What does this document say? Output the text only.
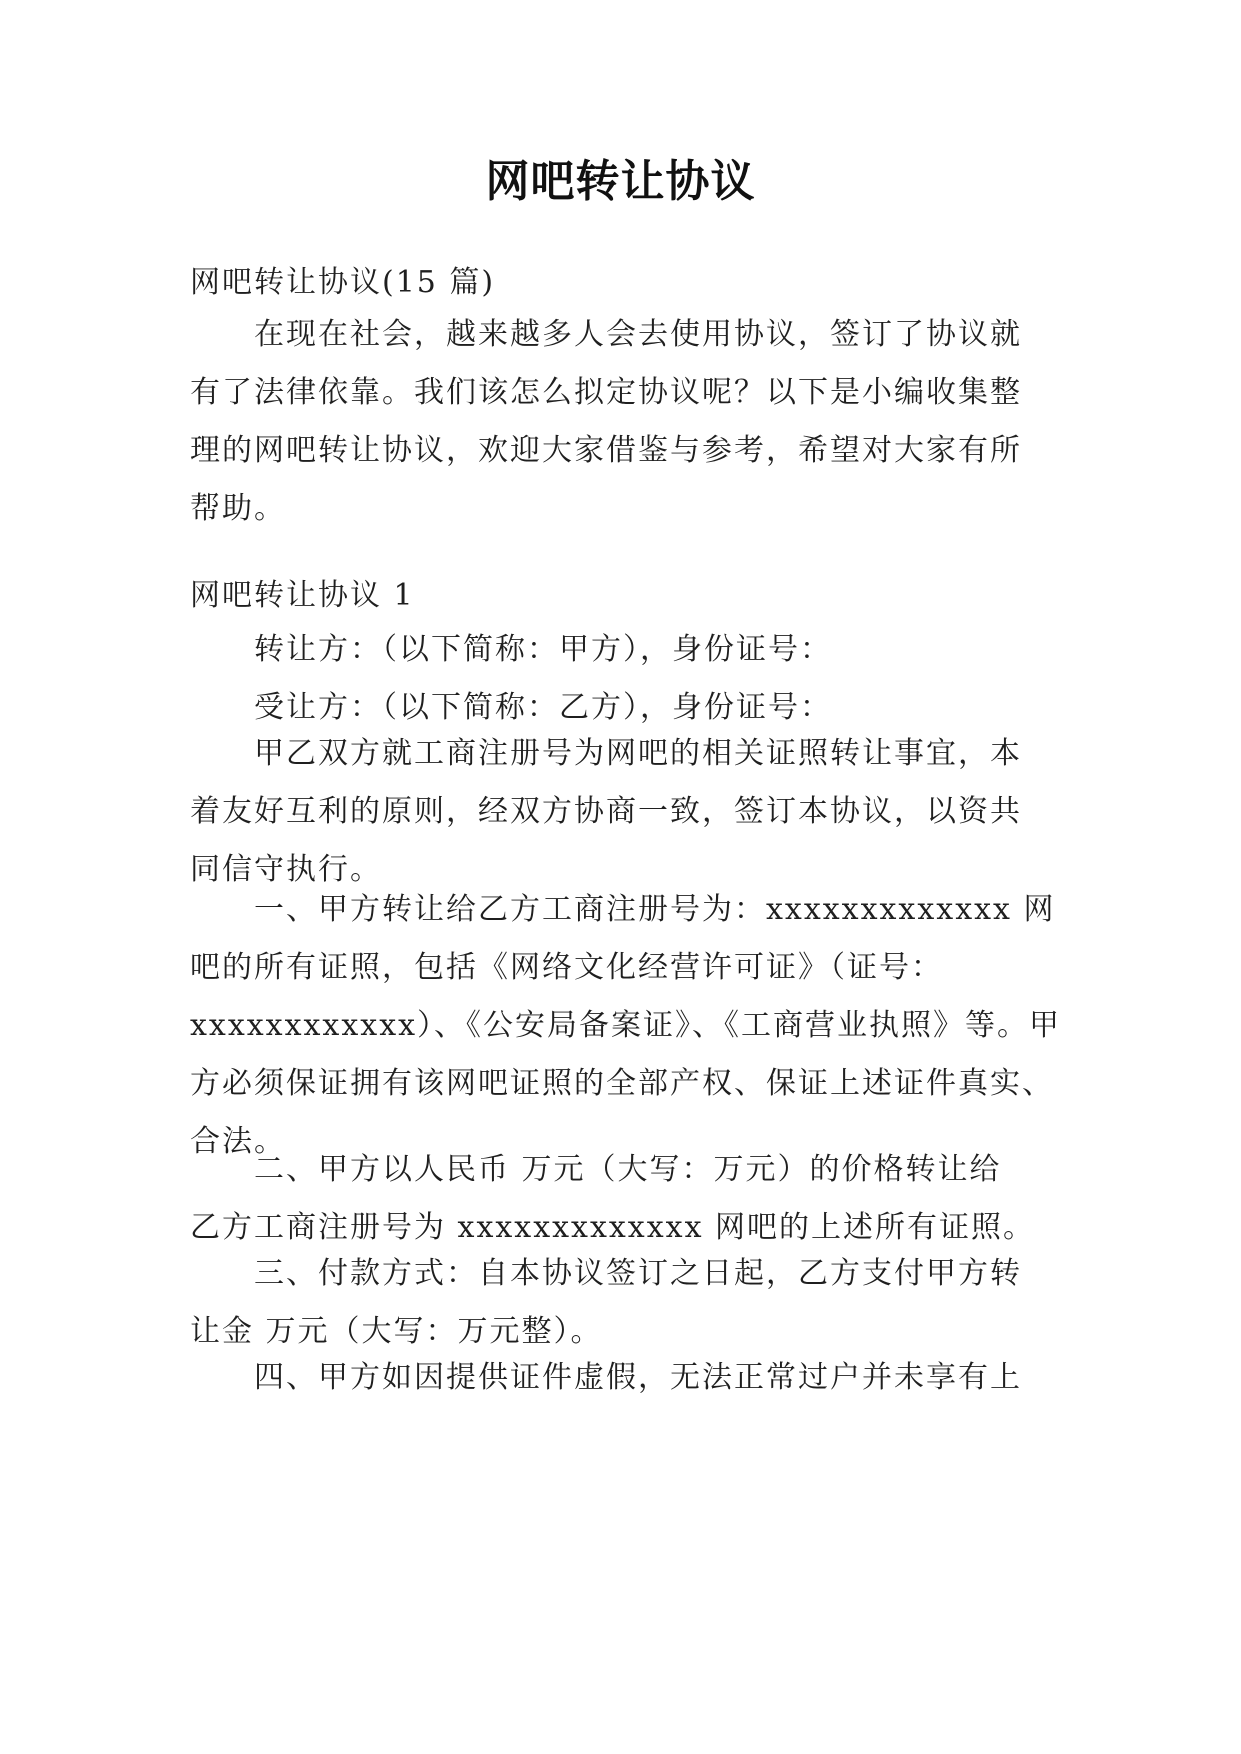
网吧转让协议
网吧转让协议(15 篇)
在现在社会，越来越多人会去使用协议，签订了协议就
有了法律依靠。我们该怎么拟定协议呢？以下是小编收集整
理的网吧转让协议，欢迎大家借鉴与参考，希望对大家有所
帮助。
网吧转让协议 1
转让方：（以下简称：甲方），身份证号：
受让方：（以下简称：乙方），身份证号：
甲乙双方就工商注册号为网吧的相关证照转让事宜，本
着友好互利的原则，经双方协商一致，签订本协议，以资共
同信守执行。
一、甲方转让给乙方工商注册号为：xxxxxxxxxxxxx 网
吧的所有证照，包括《网络文化经营许可证》（证号：
xxxxxxxxxxxx）、《公安局备案证》、《工商营业执照》等。甲
方必须保证拥有该网吧证照的全部产权、保证上述证件真实、
合法。
二、甲方以人民币 万元（大写：万元）的价格转让给
乙方工商注册号为 xxxxxxxxxxxxx 网吧的上述所有证照。
三、付款方式：自本协议签订之日起，乙方支付甲方转
让金 万元（大写：万元整）。
四、甲方如因提供证件虚假，无法正常过户并未享有上
